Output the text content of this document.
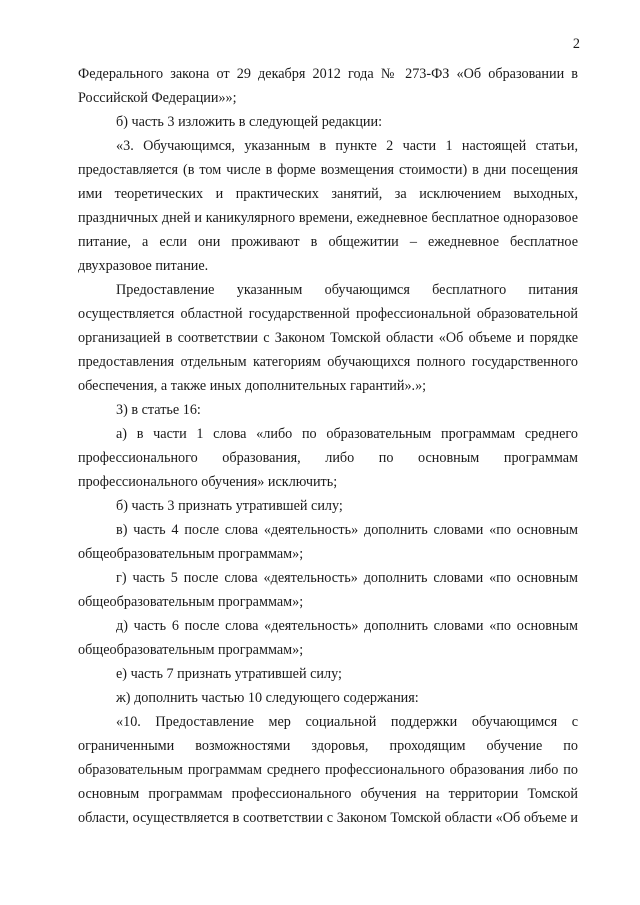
2
Федерального закона от 29 декабря 2012 года № 273-ФЗ «Об образовании в
Российской Федерации»»;
б) часть 3 изложить в следующей редакции:
«3. Обучающимся, указанным в пункте 2 части 1 настоящей статьи,
предоставляется (в том числе в форме возмещения стоимости) в дни посещения
ими теоретических и практических занятий, за исключением выходных,
праздничных дней и каникулярного времени, ежедневное бесплатное одноразовое
питание, а если они проживают в общежитии – ежедневное бесплатное
двухразовое питание.
Предоставление указанным обучающимся бесплатного питания
осуществляется областной государственной профессиональной образовательной
организацией в соответствии с Законом Томской области «Об объеме и порядке
предоставления отдельным категориям обучающихся полного государственного
обеспечения, а также иных дополнительных гарантий».»;
3) в статье 16:
а) в части 1 слова «либо по образовательным программам среднего
профессионального образования, либо по основным программам
профессионального обучения» исключить;
б) часть 3 признать утратившей силу;
в) часть 4 после слова «деятельность» дополнить словами «по основным
общеобразовательным программам»;
г) часть 5 после слова «деятельность» дополнить словами «по основным
общеобразовательным программам»;
д) часть 6 после слова «деятельность» дополнить словами «по основным
общеобразовательным программам»;
е) часть 7 признать утратившей силу;
ж) дополнить частью 10 следующего содержания:
«10. Предоставление мер социальной поддержки обучающимся с
ограниченными возможностями здоровья, проходящим обучение по
образовательным программам среднего профессионального образования либо по
основным программам профессионального обучения на территории Томской
области, осуществляется в соответствии с Законом Томской области «Об объеме и
